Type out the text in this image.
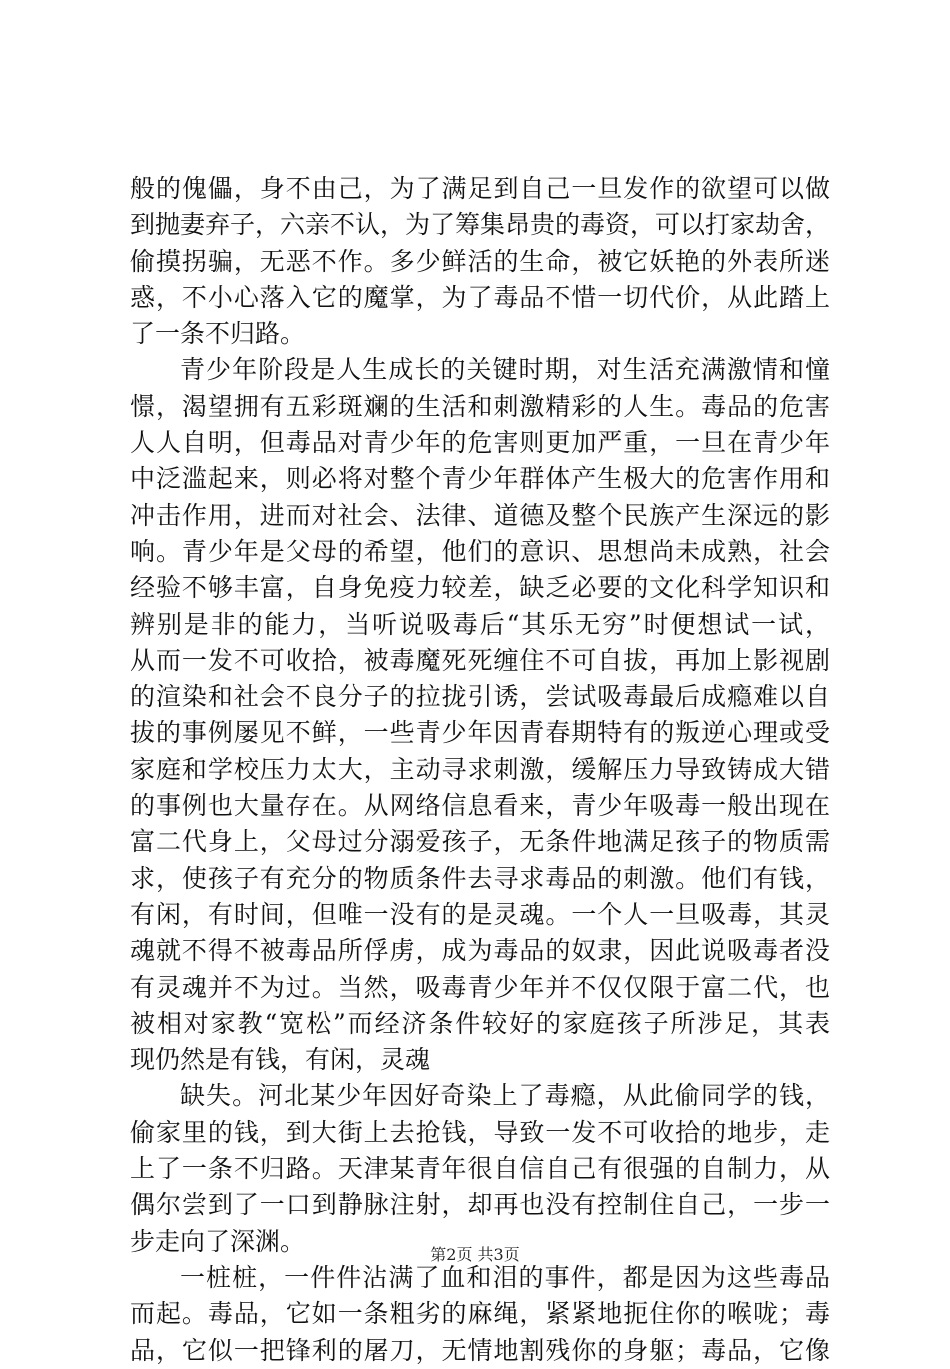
般的傀儡，身不由己，为了满足到自己一旦发作的欲望可以做
到抛妻弃子，六亲不认，为了筹集昂贵的毒资，可以打家劫舍，
偷摸拐骗，无恶不作。多少鲜活的生命，被它妖艳的外表所迷
惑，不小心落入它的魔掌，为了毒品不惜一切代价，从此踏上
了一条不归路。
青少年阶段是人生成长的关键时期，对生活充满激情和憧
憬，渴望拥有五彩斑斓的生活和刺激精彩的人生。毒品的危害
人人自明，但毒品对青少年的危害则更加严重，一旦在青少年
中泛滥起来，则必将对整个青少年群体产生极大的危害作用和
冲击作用，进而对社会、法律、道德及整个民族产生深远的影
响。青少年是父母的希望，他们的意识、思想尚未成熟，社会
经验不够丰富，自身免疫力较差，缺乏必要的文化科学知识和
辨别是非的能力，当听说吸毒后“其乐无穷”时便想试一试，
从而一发不可收拾，被毒魔死死缠住不可自拔，再加上影视剧
的渲染和社会不良分子的拉拢引诱，尝试吸毒最后成瘾难以自
拔的事例屡见不鲜，一些青少年因青春期特有的叛逆心理或受
家庭和学校压力太大，主动寻求刺激，缓解压力导致铸成大错
的事例也大量存在。从网络信息看来，青少年吸毒一般出现在
富二代身上，父母过分溺爱孩子，无条件地满足孩子的物质需
求，使孩子有充分的物质条件去寻求毒品的刺激。他们有钱，
有闲，有时间，但唯一没有的是灵魂。一个人一旦吸毒，其灵
魂就不得不被毒品所俘虏，成为毒品的奴隶，因此说吸毒者没
有灵魂并不为过。当然，吸毒青少年并不仅仅限于富二代，也
被相对家教“宽松”而经济条件较好的家庭孩子所涉足，其表
现仍然是有钱，有闲，灵魂
缺失。河北某少年因好奇染上了毒瘾，从此偷同学的钱，
偷家里的钱，到大街上去抢钱，导致一发不可收拾的地步，走
上了一条不归路。天津某青年很自信自己有很强的自制力，从
偶尔尝到了一口到静脉注射，却再也没有控制住自己，一步一
步走向了深渊。
一桩桩，一件件沾满了血和泪的事件，都是因为这些毒品
而起。毒品，它如一条粗劣的麻绳，紧紧地扼住你的喉咙；毒
品，它似一把锋利的屠刀，无情地割残你的身躯；毒品，它像
第2页 共3页
